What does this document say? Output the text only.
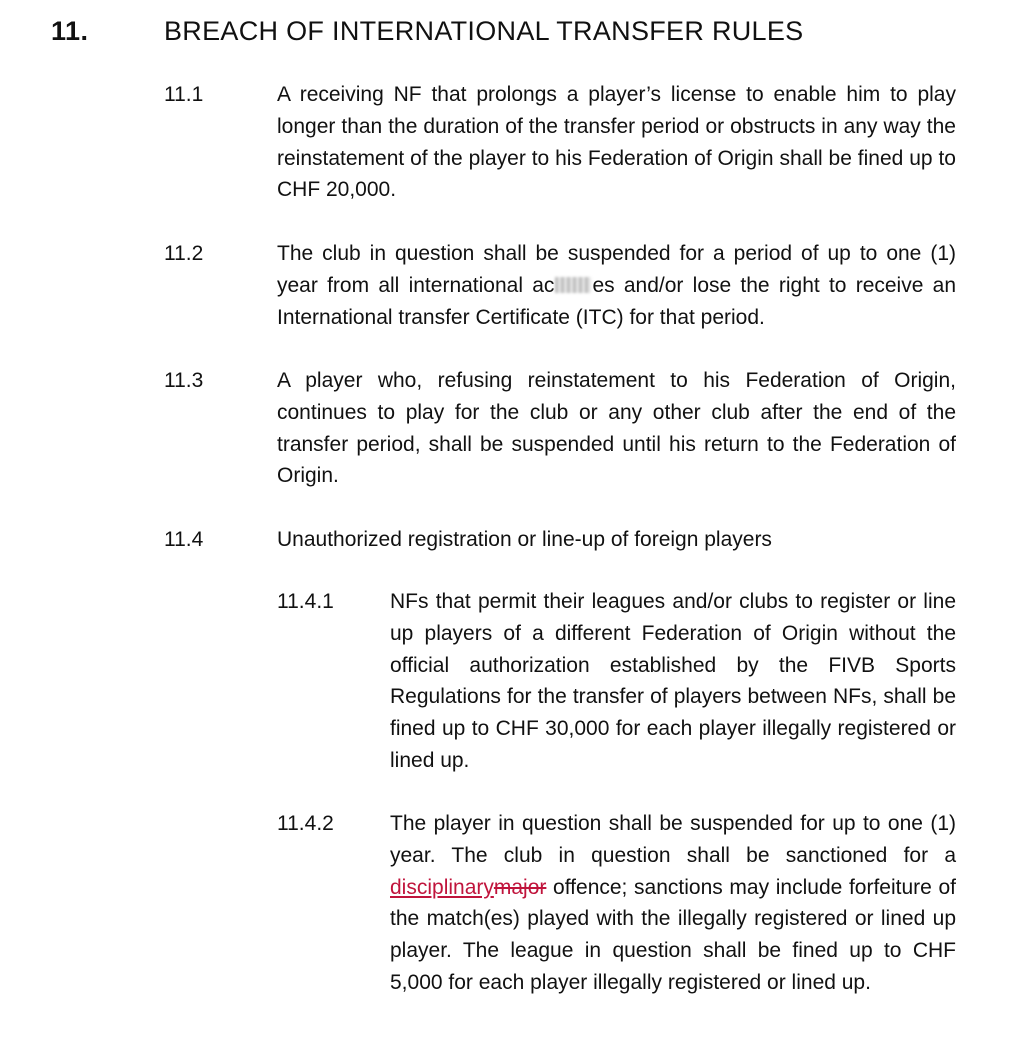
11.	BREACH OF INTERNATIONAL TRANSFER RULES
11.1	A receiving NF that prolongs a player’s license to enable him to play longer than the duration of the transfer period or obstructs in any way the reinstatement of the player to his Federation of Origin shall be fined up to CHF 20,000.

11.2	The club in question shall be suspended for a period of up to one (1) year from all international ac es and/or lose the right to receive an International transfer Certificate (ITC) for that period.

11.3	A player who, refusing reinstatement to his Federation of Origin, continues to play for the club or any other club after the end of the transfer period, shall be suspended until his return to the Federation of Origin.

11.4	Unauthorized registration or line-up of foreign players

11.4.1	NFs that permit their leagues and/or clubs to register or line up players of a different Federation of Origin without the official authorization established by the FIVB Sports Regulations for the transfer of players between NFs, shall be fined up to CHF 30,000 for each player illegally registered or lined up.

11.4.2	The player in question shall be suspended for up to one (1) year. The club in question shall be sanctioned for a disciplinarymajor offence; sanctions may include forfeiture of the match(es) played with the illegally registered or lined up player. The league in question shall be fined up to CHF 5,000 for each player illegally registered or lined up.
